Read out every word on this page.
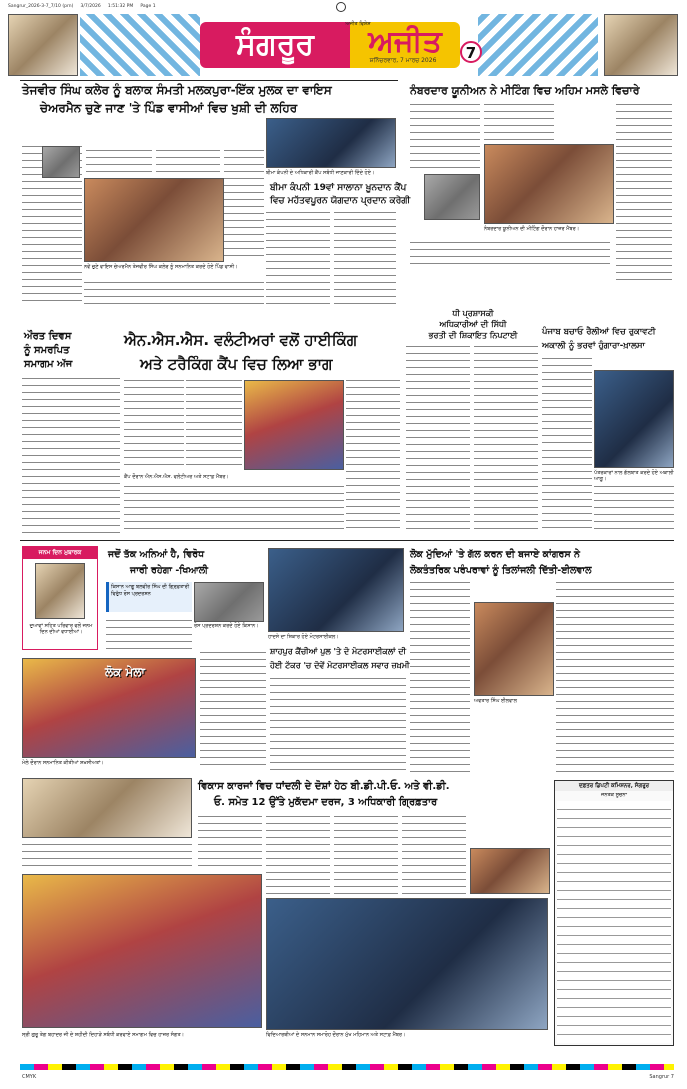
Sangrur_2026-3-7_7/10 (prn)     3/7/2026     1:51:32 PM     Page 1
ਸੰਗਰੂਰ	ਅਜੀਤ
ਅਜੀਤ ਵਿਸ਼ੇਸ਼
ਸ਼ਨਿੱਚਰਵਾਰ, 7 ਮਾਰਚ 2026	7
ਤੇਜਵੀਰ ਸਿੰਘ ਕਲੇਰ ਨੂੰ ਬਲਾਕ ਸੰਮਤੀ ਮਲਕਪੁਰਾ-ਇੱਕ ਮੁਲਕ ਦਾ ਵਾਇਸ
ਚੇਅਰਮੈਨ ਚੁਣੇ ਜਾਣ 'ਤੇ ਪਿੰਡ ਵਾਸੀਆਂ ਵਿਚ ਖੁਸ਼ੀ ਦੀ ਲਹਿਰ
ਨਵੇਂ ਚੁਣੇ ਵਾਇਸ ਚੇਅਰਮੈਨ ਤੇਜਵੀਰ ਸਿੰਘ ਕਲੇਰ ਨੂੰ ਸਨਮਾਨਿਤ ਕਰਦੇ ਹੋਏ ਪਿੰਡ ਵਾਸੀ।
ਬੀਮਾ ਕੰਪਨੀ ਦੇ ਅਧਿਕਾਰੀ ਕੈਂਪ ਸਬੰਧੀ ਜਾਣਕਾਰੀ ਦਿੰਦੇ ਹੋਏ।
ਬੀਮਾ ਕੰਪਨੀ 19ਵਾਂ ਸਾਲਾਨਾ ਖ਼ੂਨਦਾਨ ਕੈਂਪ
ਵਿਚ ਮਹੱਤਵਪੂਰਨ ਯੋਗਦਾਨ ਪ੍ਰਦਾਨ ਕਰੇਗੀ
ਨੰਬਰਦਾਰ ਯੂਨੀਅਨ ਨੇ ਮੀਟਿੰਗ ਵਿਚ ਅਹਿਮ ਮਸਲੇ ਵਿਚਾਰੇ
ਨੰਬਰਦਾਰ ਯੂਨੀਅਨ ਦੀ ਮੀਟਿੰਗ ਦੌਰਾਨ ਹਾਜ਼ਰ ਮੈਂਬਰ।
ਔਰਤ ਦਿਵਸ
ਨੂੰ ਸਮਰਪਿਤ
ਸਮਾਗਮ ਅੱਜ
ਐਨ.ਐਸ.ਐਸ. ਵਲੰਟੀਅਰਾਂ ਵਲੋਂ ਹਾਈਕਿੰਗ
ਅਤੇ ਟਰੈਕਿੰਗ ਕੈਂਪ ਵਿਚ ਲਿਆ ਭਾਗ
ਕੈਂਪ ਦੌਰਾਨ ਐਨ.ਐਸ.ਐਸ. ਵਲੰਟੀਅਰ ਅਤੇ ਸਟਾਫ਼ ਮੈਂਬਰ।
ਧੀ ਪ੍ਰਸ਼ਾਸਕੀ
ਅਧਿਕਾਰੀਆਂ ਦੀ ਸਿੱਧੀ
ਭਰਤੀ ਦੀ ਸ਼ਿਕਾਇਤ ਨਿਪਟਾਈ	ਪੰਜਾਬ ਬਚਾਓ ਰੈਲੀਆਂ ਵਿਚ ਰੁਕਾਵਟੀ
ਅਕਾਲੀ ਨੂੰ ਭਰਵਾਂ ਹੁੰਗਾਰਾ-ਖ਼ਾਲਸਾ
ਪੱਤਰਕਾਰਾਂ ਨਾਲ ਗੱਲਬਾਤ ਕਰਦੇ ਹੋਏ ਅਕਾਲੀ ਆਗੂ।
ਜਨਮ ਦਿਨ ਮੁਬਾਰਕ
ਦੁਆਵਾਂ ਸਹਿਤ ਪਰਿਵਾਰ ਵਲੋਂ ਜਨਮ ਦਿਨ ਦੀਆਂ ਵਧਾਈਆਂ।
ਜਦੋਂ ਤੱਕ ਅਨਿਆਂ ਹੈ, ਵਿਰੋਧ
ਜਾਰੀ ਰਹੇਗਾ -ਖਿਆਲੀ
ਕਿਸਾਨ ਆਗੂ ਬਲਵੀਰ ਸਿੰਘ ਦੀ ਗ੍ਰਿਫ਼ਤਾਰੀ ਵਿਰੁੱਧ ਰੋਸ ਪ੍ਰਦਰਸ਼ਨ
ਰੋਸ ਪ੍ਰਦਰਸ਼ਨ ਕਰਦੇ ਹੋਏ ਕਿਸਾਨ।
ਹਾਦਸੇ ਦਾ ਸ਼ਿਕਾਰ ਹੋਏ ਮੋਟਰਸਾਈਕਲ।
ਲੋਕ ਮੁੱਦਿਆਂ 'ਤੇ ਗੱਲ ਕਰਨ ਦੀ ਬਜਾਏ ਕਾਂਗਰਸ ਨੇ
ਲੋਕਤੰਤਰਿਕ ਪਰੰਪਰਾਵਾਂ ਨੂੰ ਤਿਲਾਂਜਲੀ ਦਿੱਤੀ-ਈਲਵਾਲ
ਅਵਤਾਰ ਸਿੰਘ ਈਲਵਾਲ
ਲੋਕ ਮੇਲਾ
ਮੇਲੇ ਦੌਰਾਨ ਸਨਮਾਨਿਤ ਕੀਤੀਆਂ ਸ਼ਖ਼ਸੀਅਤਾਂ।
ਸ਼ਾਹਪੁਰ ਕੈਂਚੀਆਂ ਪੁਲ 'ਤੇ ਦੋ ਮੋਟਰਸਾਈਕਲਾਂ ਦੀ
ਹੋਈ ਟੱਕਰ 'ਚ ਦੋਵੇਂ ਮੋਟਰਸਾਈਕਲ ਸਵਾਰ ਜ਼ਖ਼ਮੀ
ਸ੍ਰੀ ਗੁਰੂ ਤੇਗ ਬਹਾਦਰ ਜੀ ਦੇ ਸ਼ਹੀਦੀ ਦਿਹਾੜੇ ਸਬੰਧੀ ਕਰਵਾਏ ਸਮਾਗਮ ਵਿਚ ਹਾਜ਼ਰ ਸੰਗਤ।
ਵਿਕਾਸ ਕਾਰਜਾਂ ਵਿਚ ਧਾਂਦਲੀ ਦੇ ਦੋਸ਼ਾਂ ਹੇਠ ਬੀ.ਡੀ.ਪੀ.ਓ. ਅਤੇ ਵੀ.ਡੀ.
ਓ. ਸਮੇਤ 12 ਉੱਤੇ ਮੁਕੱਦਮਾ ਦਰਜ, 3 ਅਧਿਕਾਰੀ ਗ੍ਰਿਫ਼ਤਾਰ
ਵਿਦਿਆਰਥੀਆਂ ਦੇ ਸਨਮਾਨ ਸਮਾਰੋਹ ਦੌਰਾਨ ਮੁੱਖ ਮਹਿਮਾਨ ਅਤੇ ਸਟਾਫ਼ ਮੈਂਬਰ।
ਦਫ਼ਤਰ ਡਿਪਟੀ ਕਮਿਸ਼ਨਰ, ਸੰਗਰੂਰ
ਜਨਤਕ ਸੂਚਨਾ
CMYK	Sangrur 7
